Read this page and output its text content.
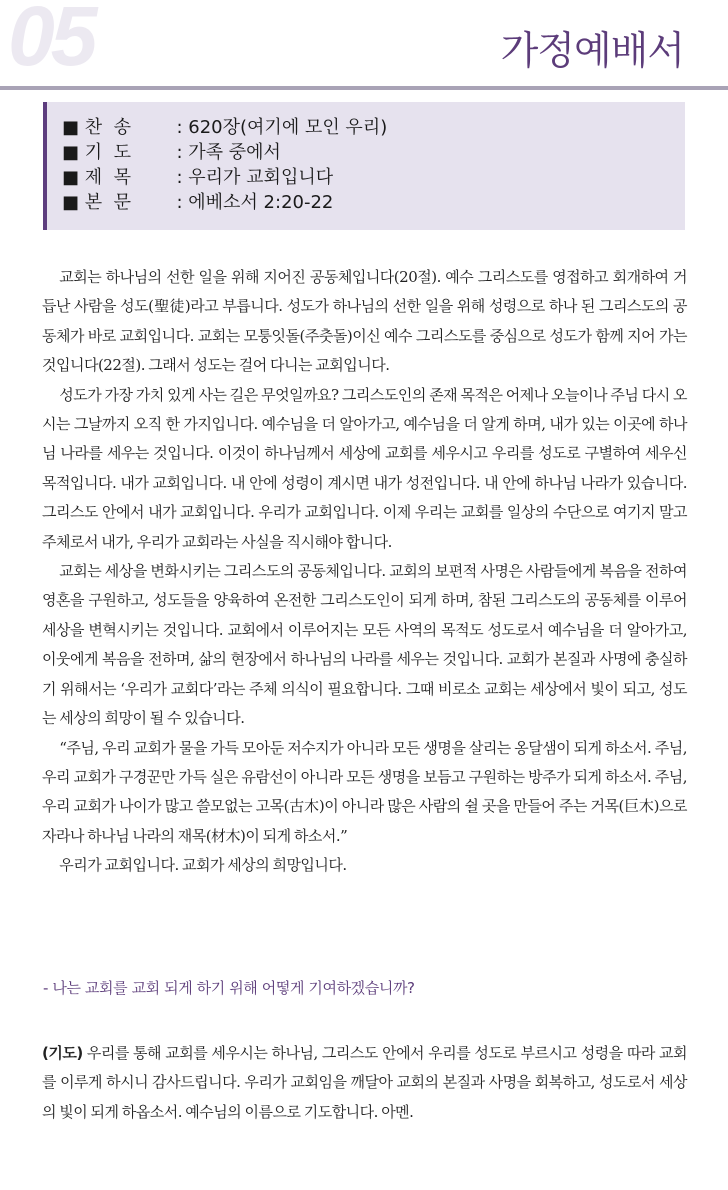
05	가정예배서
■ 찬  송	: 620장(여기에 모인 우리)
■ 기  도	: 가족 중에서
■ 제  목	: 우리가 교회입니다
■ 본  문	: 에베소서 2:20-22

교회는 하나님의 선한 일을 위해 지어진 공동체입니다(20절). 예수 그리스도를 영접하고 회개하여 거듭난 사람을 성도(聖徒)라고 부릅니다. 성도가 하나님의 선한 일을 위해 성령으로 하나 된 그리스도의 공동체가 바로 교회입니다. 교회는 모퉁잇돌(주춧돌)이신 예수 그리스도를 중심으로 성도가 함께 지어 가는 것입니다(22절). 그래서 성도는 걸어 다니는 교회입니다.

성도가 가장 가치 있게 사는 길은 무엇일까요? 그리스도인의 존재 목적은 어제나 오늘이나 주님 다시 오시는 그날까지 오직 한 가지입니다. 예수님을 더 알아가고, 예수님을 더 알게 하며, 내가 있는 이곳에 하나님 나라를 세우는 것입니다. 이것이 하나님께서 세상에 교회를 세우시고 우리를 성도로 구별하여 세우신 목적입니다. 내가 교회입니다. 내 안에 성령이 계시면 내가 성전입니다. 내 안에 하나님 나라가 있습니다. 그리스도 안에서 내가 교회입니다. 우리가 교회입니다. 이제 우리는 교회를 일상의 수단으로 여기지 말고 주체로서 내가, 우리가 교회라는 사실을 직시해야 합니다.

교회는 세상을 변화시키는 그리스도의 공동체입니다. 교회의 보편적 사명은 사람들에게 복음을 전하여 영혼을 구원하고, 성도들을 양육하여 온전한 그리스도인이 되게 하며, 참된 그리스도의 공동체를 이루어 세상을 변혁시키는 것입니다. 교회에서 이루어지는 모든 사역의 목적도 성도로서 예수님을 더 알아가고, 이웃에게 복음을 전하며, 삶의 현장에서 하나님의 나라를 세우는 것입니다. 교회가 본질과 사명에 충실하기 위해서는 ‘우리가 교회다’라는 주체 의식이 필요합니다. 그때 비로소 교회는 세상에서 빛이 되고, 성도는 세상의 희망이 될 수 있습니다.

“주님, 우리 교회가 물을 가득 모아둔 저수지가 아니라 모든 생명을 살리는 옹달샘이 되게 하소서. 주님, 우리 교회가 구경꾼만 가득 실은 유람선이 아니라 모든 생명을 보듬고 구원하는 방주가 되게 하소서. 주님, 우리 교회가 나이가 많고 쓸모없는 고목(古木)이 아니라 많은 사람의 쉴 곳을 만들어 주는 거목(巨木)으로 자라나 하나님 나라의 재목(材木)이 되게 하소서.”

우리가 교회입니다. 교회가 세상의 희망입니다.

- 나는 교회를 교회 되게 하기 위해 어떻게 기여하겠습니까?
(기도) 우리를 통해 교회를 세우시는 하나님, 그리스도 안에서 우리를 성도로 부르시고 성령을 따라 교회를 이루게 하시니 감사드립니다. 우리가 교회임을 깨달아 교회의 본질과 사명을 회복하고, 성도로서 세상의 빛이 되게 하옵소서. 예수님의 이름으로 기도합니다. 아멘.
